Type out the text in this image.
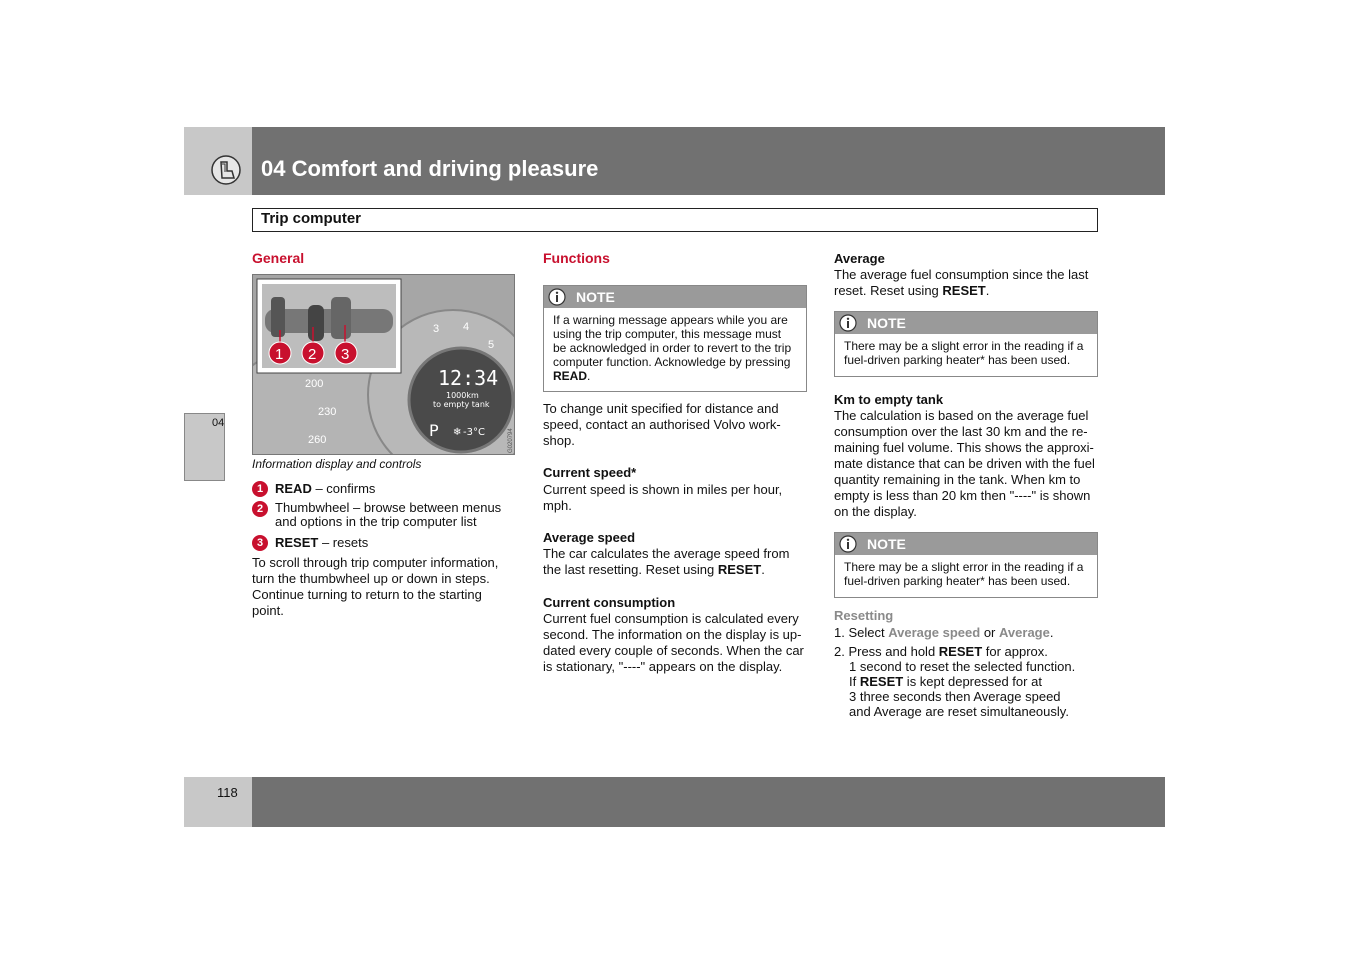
04 Comfort and driving pleasure
Trip computer
04
General
200
230
260
3 4
5
12:34
1000km
to empty tank
P ❄ -3°C	G020794
1 2 3
Information display and controls
1 READ – confirms
2 Thumbwheel – browse between menus and options in the trip computer list
3 RESET – resets
To scroll through trip computer information, turn the thumbwheel up or down in steps. Continue turning to return to the starting point.
Functions
NOTE
If a warning message appears while you are using the trip computer, this message must be acknowledged in order to revert to the trip computer function. Acknowledge by pressing READ.
To change unit specified for distance and speed, contact an authorised Volvo work-shop.
Current speed*
Current speed is shown in miles per hour, mph.
Average speed
The car calculates the average speed from the last resetting. Reset using RESET.
Current consumption
Current fuel consumption is calculated every second. The information on the display is up-dated every couple of seconds. When the car is stationary, "----" appears on the display.
Average
The average fuel consumption since the last reset. Reset using RESET.
NOTE
There may be a slight error in the reading if a fuel-driven parking heater* has been used.
Km to empty tank
The calculation is based on the average fuel consumption over the last 30 km and the re-maining fuel volume. This shows the approxi-mate distance that can be driven with the fuel quantity remaining in the tank. When km to empty is less than 20 km then "----" is shown on the display.
NOTE
There may be a slight error in the reading if a fuel-driven parking heater* has been used.
Resetting
1. Select Average speed or Average.
2. Press and hold RESET for approx.
1 second to reset the selected function.
If RESET is kept depressed for at
3 three seconds then Average speed
and Average are reset simultaneously.
118
